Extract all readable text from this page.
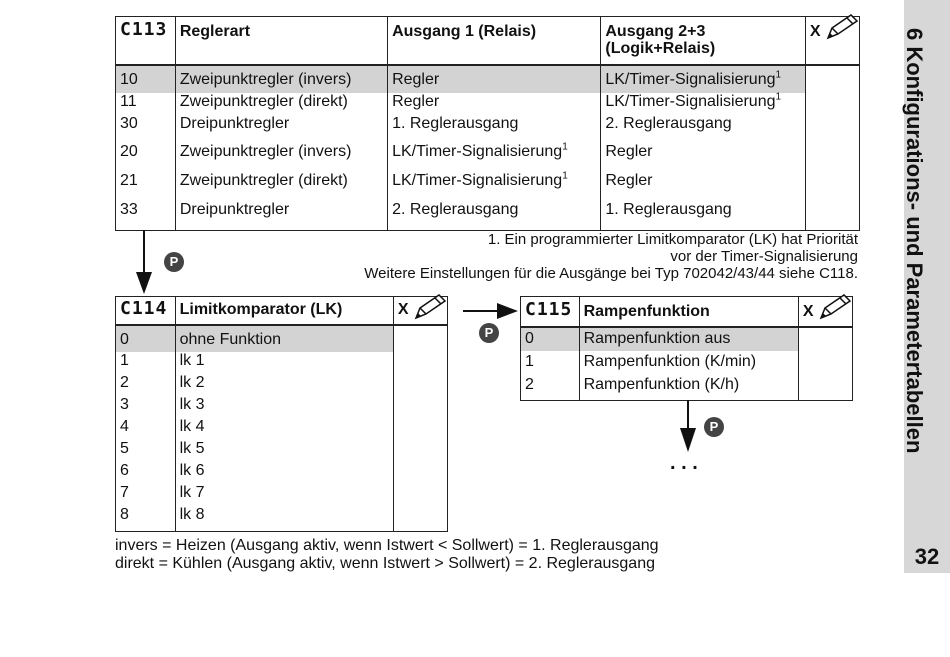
6 Konfigurations- und Parametertabellen
32
C113	Reglerart	Ausgang 1 (Relais)	Ausgang 2+3
(Logik+Relais)	X
10	Zweipunktregler (invers)	Regler	LK/Timer-Signalisierung$^1$	
11	Zweipunktregler (direkt)	Regler	LK/Timer-Signalisierung$^1$	
30	Dreipunktregler	1. Reglerausgang	2. Reglerausgang	
20	Zweipunktregler (invers)	LK/Timer-Signalisierung$^1$	Regler	
21	Zweipunktregler (direkt)	LK/Timer-Signalisierung$^1$	Regler	
33	Dreipunktregler	2. Reglerausgang	1. Reglerausgang	
1. Ein programmierter Limitkomparator (LK) hat Priorität
vor der Timer-Signalisierung
Weitere Einstellungen für die Ausgänge bei Typ 702042/43/44 siehe C118.
P
C114	Limitkomparator (LK)	X
0	ohne Funktion	
1	lk 1	
2	lk 2	
3	lk 3	
4	lk 4	
5	lk 5	
6	lk 6	
7	lk 7	
8	lk 8	
P
C115	Rampenfunktion	X
0	Rampenfunktion aus	
1	Rampenfunktion (K/min)	
2	Rampenfunktion (K/h)	
P
. . .
invers = Heizen (Ausgang aktiv, wenn Istwert < Sollwert) = 1. Reglerausgang
direkt = Kühlen (Ausgang aktiv, wenn Istwert > Sollwert) = 2. Reglerausgang
